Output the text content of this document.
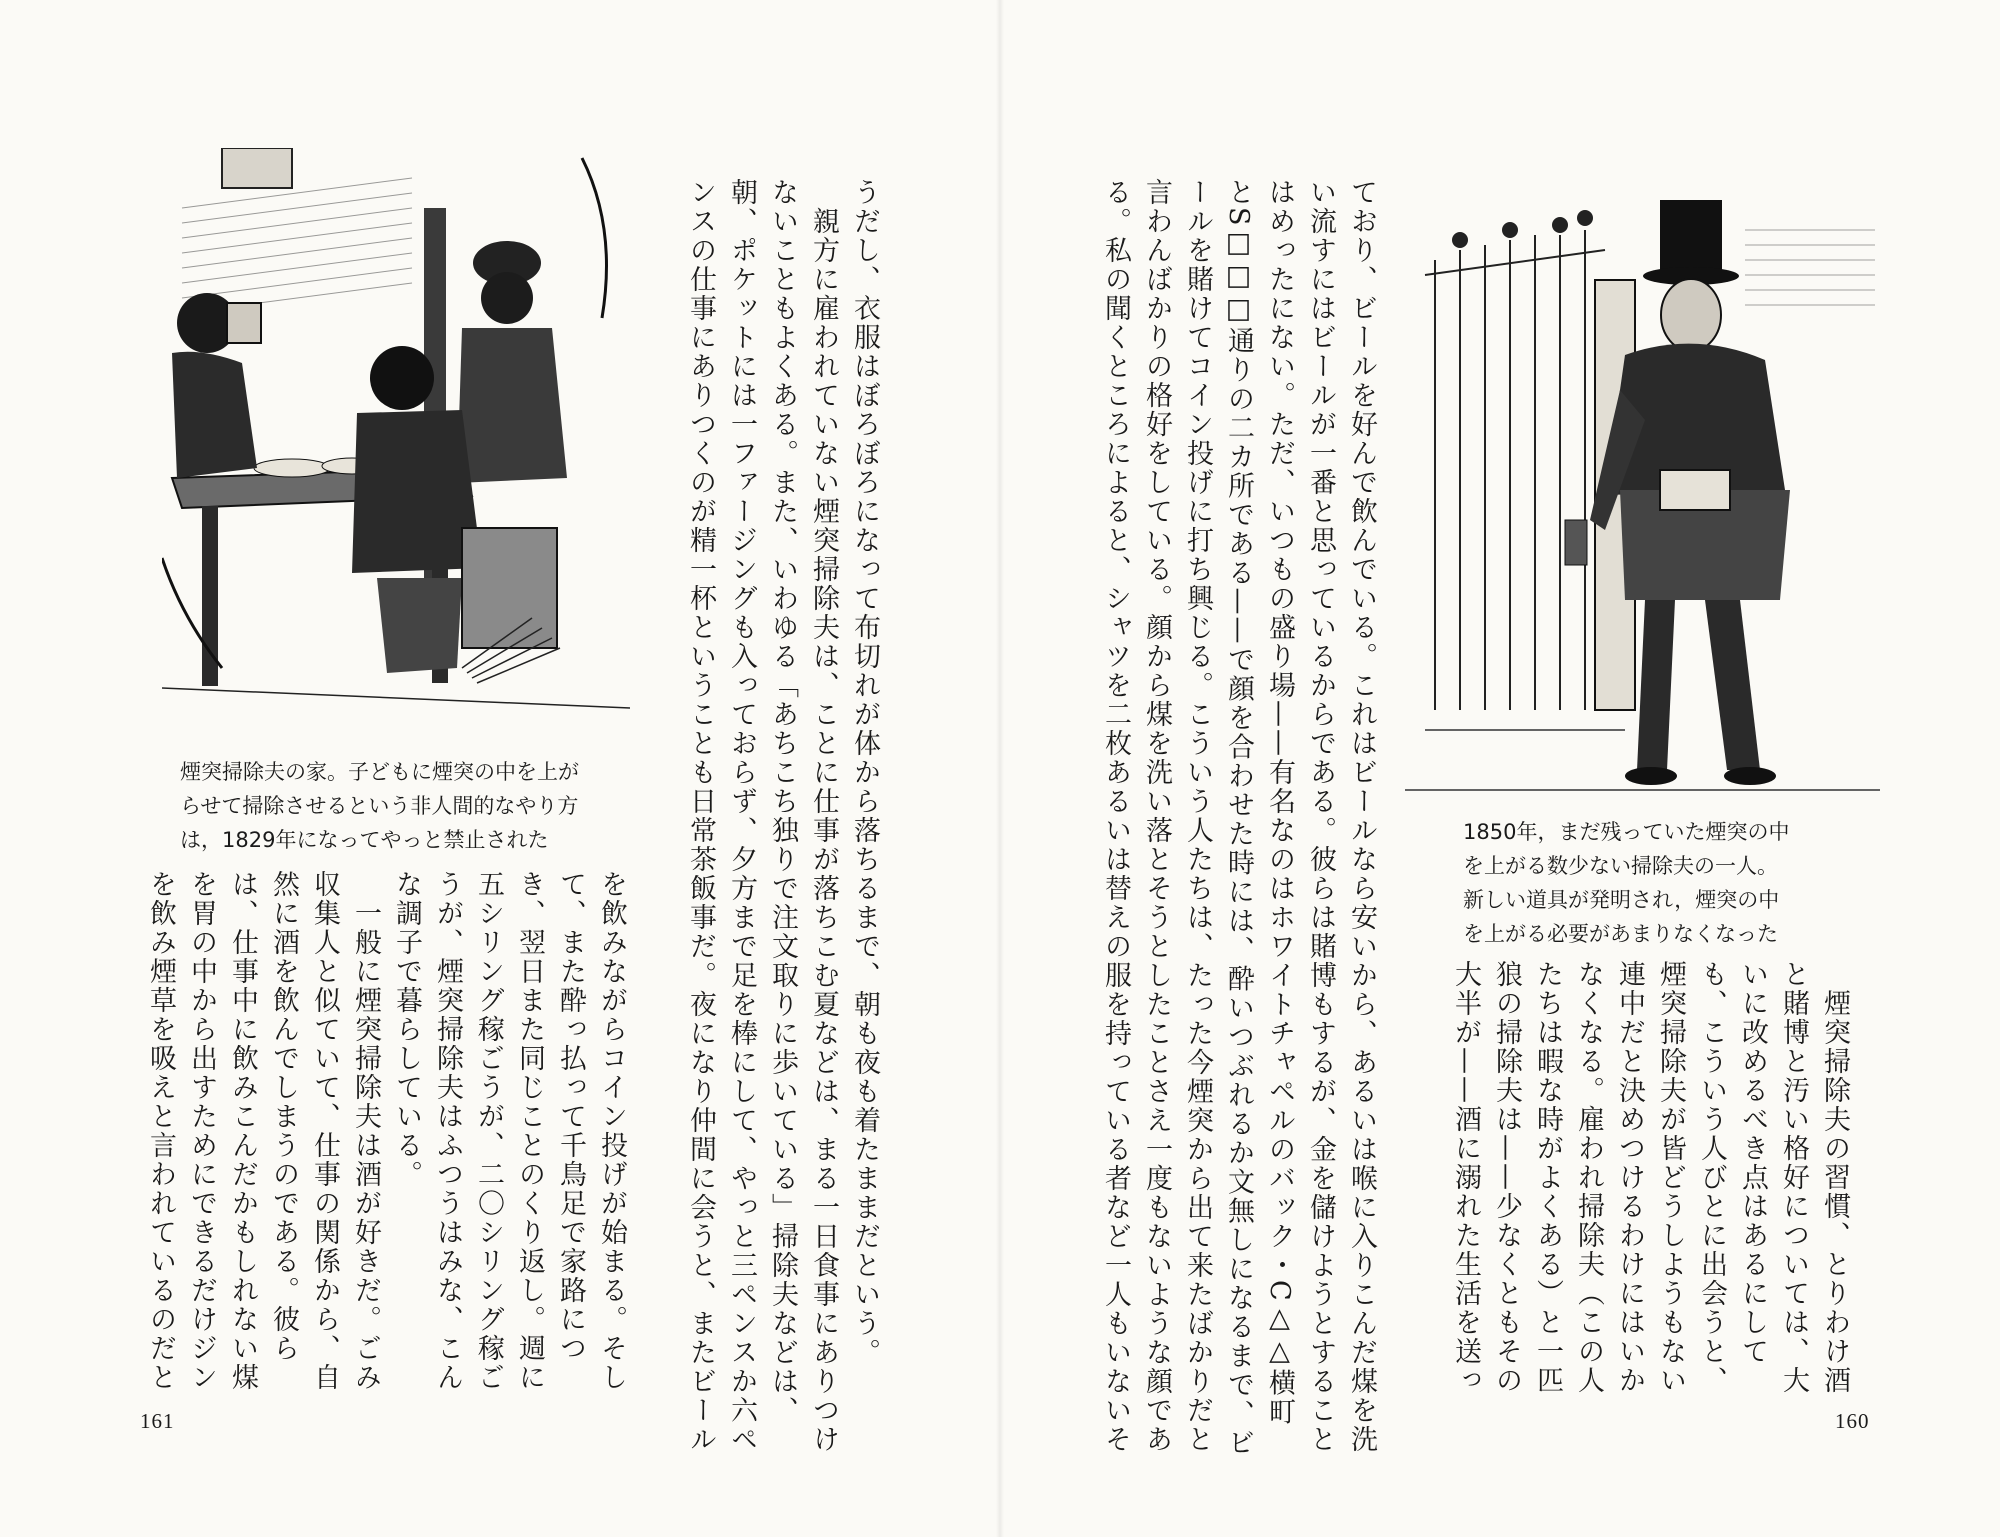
煙突掃除夫の家。子どもに煙突の中を上が
らせて掃除させるという非人間的なやり方
は，1829年になってやっと禁止された	うだし、衣服はぼろぼろになって布切れが体から落ちるまで、朝も夜も着たままだという。
　親方に雇われていない煙突掃除夫は、ことに仕事が落ちこむ夏などは、まる一日食事にありつけ
ないこともよくある。また、いわゆる「あちこち独りで注文取りに歩いている」掃除夫などは、
朝、ポケットには一ファージングも入っておらず、夕方まで足を棒にして、やっと三ペンスか六ペ
ンスの仕事にありつくのが精一杯ということも日常茶飯事だ。夜になり仲間に会うと、またビール
を飲みながらコイン投げが始まる。そし
て、また酔っ払って千鳥足で家路につ
き、翌日また同じことのくり返し。週に
五シリング稼ごうが、二〇シリング稼ご
うが、煙突掃除夫はふつうはみな、こん
な調子で暮らしている。
　一般に煙突掃除夫は酒が好きだ。ごみ
収集人と似ていて、仕事の関係から、自
然に酒を飲んでしまうのである。彼ら
は、仕事中に飲みこんだかもしれない煤
を胃の中から出すためにできるだけジン
を飲み煙草を吸えと言われているのだと
161	ており、ビールを好んで飲んでいる。これはビールなら安いから、あるいは喉に入りこんだ煤を洗
い流すにはビールが一番と思っているからである。彼らは賭博もするが、金を儲けようとすること
はめったにない。ただ、いつもの盛り場——有名なのはホワイトチャペルのバック・C△△横町
とS□□□通りの二カ所である——で顔を合わせた時には、酔いつぶれるか文無しになるまで、ビ
ールを賭けてコイン投げに打ち興じる。こういう人たちは、たった今煙突から出て来たばかりだと
言わんばかりの格好をしている。顔から煤を洗い落とそうとしたことさえ一度もないような顔であ
る。私の聞くところによると、シャツを二枚あるいは替えの服を持っている者など一人もいないそ	1850年，まだ残っていた煙突の中
を上がる数少ない掃除夫の一人。
新しい道具が発明され，煙突の中
を上がる必要があまりなくなった
　煙突掃除夫の習慣、とりわけ酒
と賭博と汚い格好については、大
いに改めるべき点はあるにして
も、こういう人びとに出会うと、
煙突掃除夫が皆どうしようもない
連中だと決めつけるわけにはいか
なくなる。雇われ掃除夫（この人
たちは暇な時がよくある）と一匹
狼の掃除夫は——少なくともその
大半が——酒に溺れた生活を送っ
160
